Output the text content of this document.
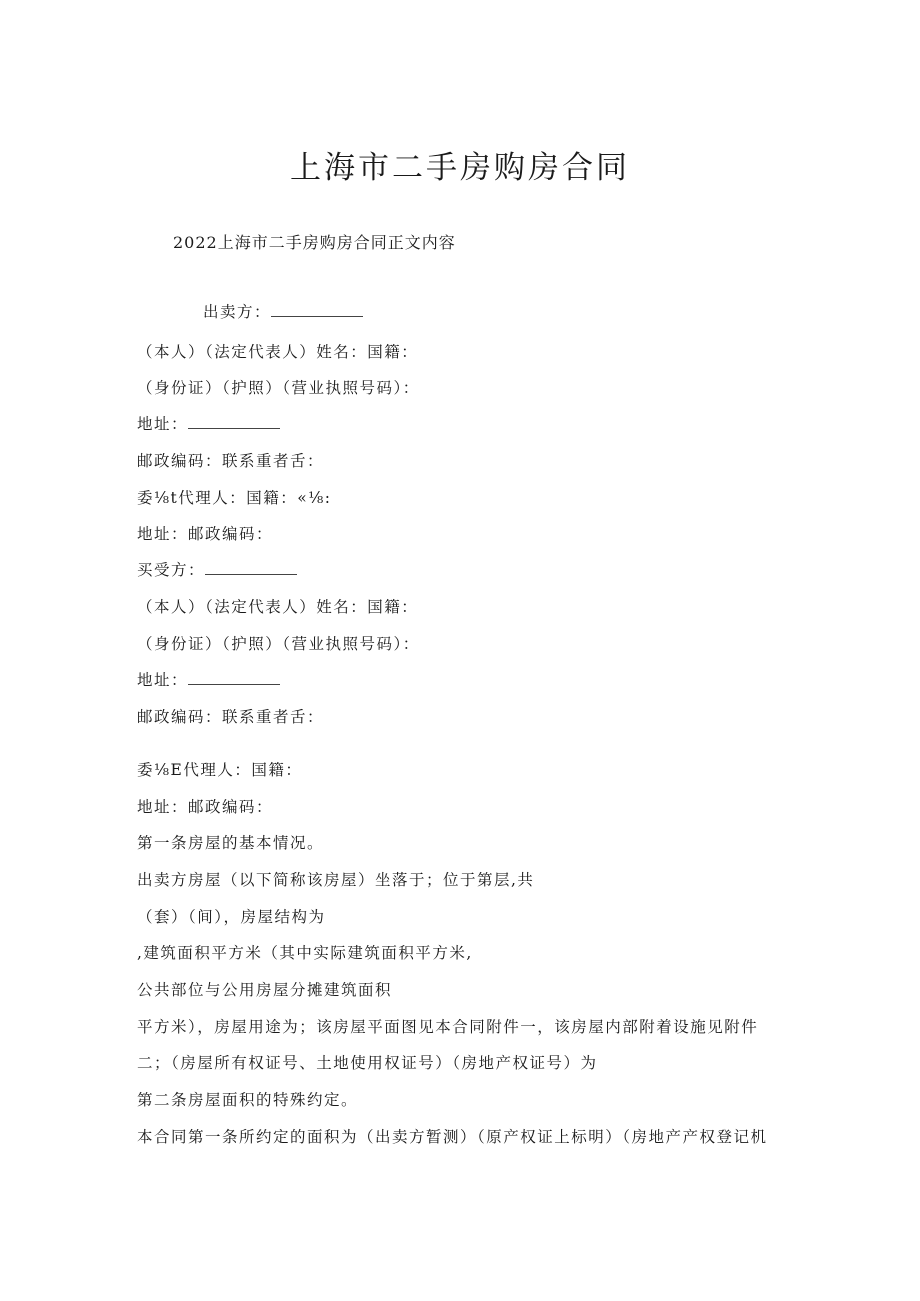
上海市二手房购房合同
2022上海市二手房购房合同正文内容
出卖方：
（本人）（法定代表人）姓名：国籍：
（身份证）（护照）（营业执照号码）：
地址：
邮政编码：联系重者舌：
委⅛t代理人：国籍：«⅛:
地址：邮政编码：
买受方：
（本人）（法定代表人）姓名：国籍：
（身份证）（护照）（营业执照号码）：
地址：
邮政编码：联系重者舌：
委⅛E代理人：国籍：
地址：邮政编码：
第一条房屋的基本情况。
出卖方房屋（以下简称该房屋）坐落于；位于第层,共
（套）（间），房屋结构为
,建筑面积平方米（其中实际建筑面积平方米,
公共部位与公用房屋分摊建筑面积
平方米），房屋用途为；该房屋平面图见本合同附件一，该房屋内部附着设施见附件
二；（房屋所有权证号、土地使用权证号）（房地产权证号）为
第二条房屋面积的特殊约定。
本合同第一条所约定的面积为（出卖方暂测）（原产权证上标明）（房地产产权登记机
